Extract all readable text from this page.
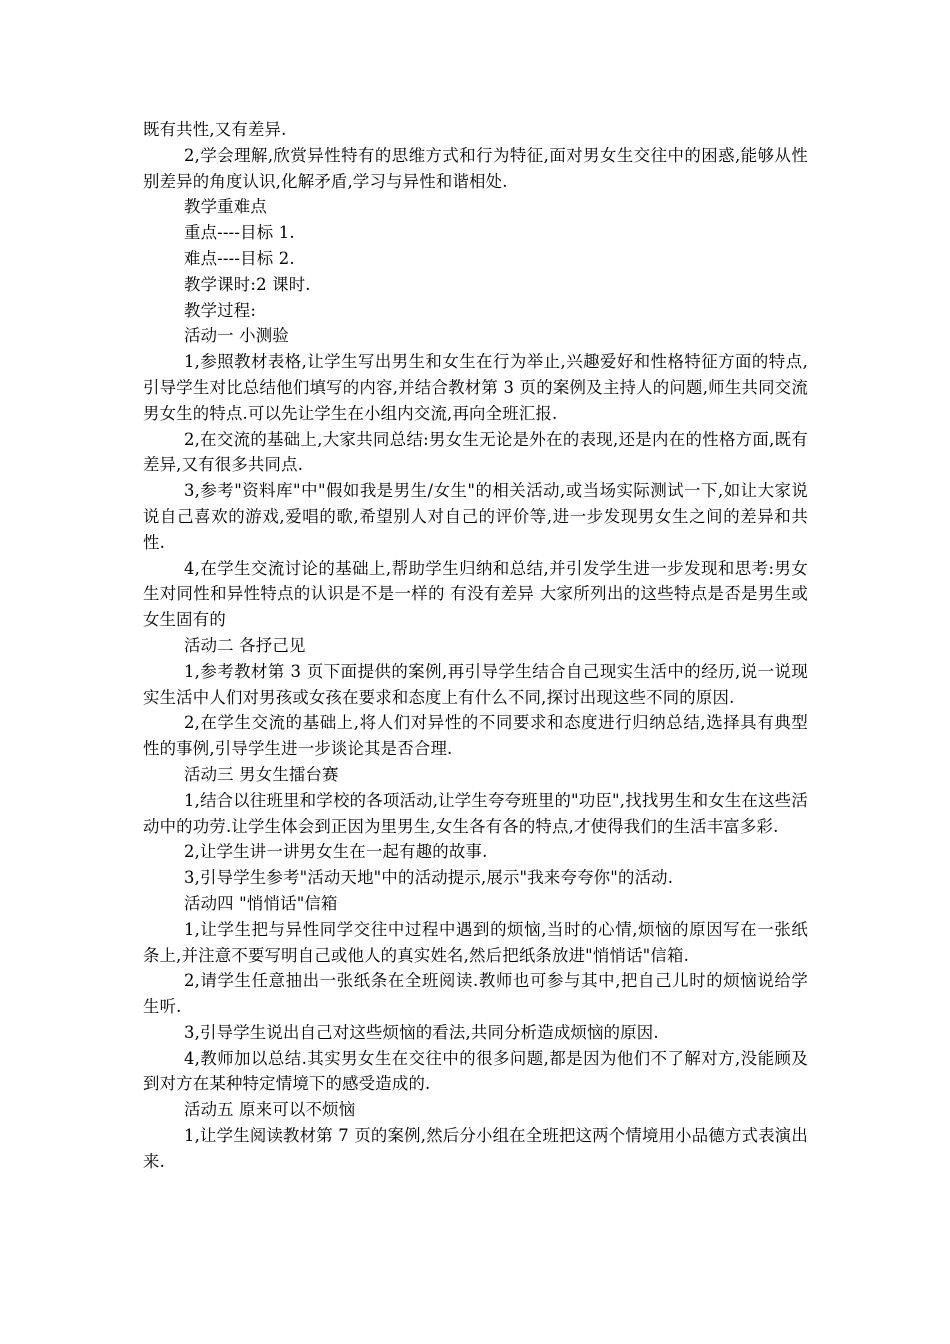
既有共性,又有差异.

2,学会理解,欣赏异性特有的思维方式和行为特征,面对男女生交往中的困惑,能够从性别差异的角度认识,化解矛盾,学习与异性和谐相处.

教学重难点

重点----目标 1.

难点----目标 2.

教学课时:2 课时.

教学过程:

活动一 小测验

1,参照教材表格,让学生写出男生和女生在行为举止,兴趣爱好和性格特征方面的特点,引导学生对比总结他们填写的内容,并结合教材第 3 页的案例及主持人的问题,师生共同交流男女生的特点.可以先让学生在小组内交流,再向全班汇报.

2,在交流的基础上,大家共同总结:男女生无论是外在的表现,还是内在的性格方面,既有差异,又有很多共同点.

3,参考"资料库"中"假如我是男生/女生"的相关活动,或当场实际测试一下,如让大家说说自己喜欢的游戏,爱唱的歌,希望别人对自己的评价等,进一步发现男女生之间的差异和共性.

4,在学生交流讨论的基础上,帮助学生归纳和总结,并引发学生进一步发现和思考:男女生对同性和异性特点的认识是不是一样的 有没有差异 大家所列出的这些特点是否是男生或女生固有的

活动二 各抒己见

1,参考教材第 3 页下面提供的案例,再引导学生结合自己现实生活中的经历,说一说现实生活中人们对男孩或女孩在要求和态度上有什么不同,探讨出现这些不同的原因.

2,在学生交流的基础上,将人们对异性的不同要求和态度进行归纳总结,选择具有典型性的事例,引导学生进一步谈论其是否合理.

活动三 男女生擂台赛

1,结合以往班里和学校的各项活动,让学生夸夸班里的"功臣",找找男生和女生在这些活动中的功劳.让学生体会到正因为里男生,女生各有各的特点,才使得我们的生活丰富多彩.

2,让学生讲一讲男女生在一起有趣的故事.

3,引导学生参考"活动天地"中的活动提示,展示"我来夸夸你"的活动.

活动四 "悄悄话"信箱

1,让学生把与异性同学交往中过程中遇到的烦恼,当时的心情,烦恼的原因写在一张纸条上,并注意不要写明自己或他人的真实姓名,然后把纸条放进"悄悄话"信箱.

2,请学生任意抽出一张纸条在全班阅读.教师也可参与其中,把自己儿时的烦恼说给学生听.

3,引导学生说出自己对这些烦恼的看法,共同分析造成烦恼的原因.

4,教师加以总结.其实男女生在交往中的很多问题,都是因为他们不了解对方,没能顾及到对方在某种特定情境下的感受造成的.

活动五 原来可以不烦恼

1,让学生阅读教材第 7 页的案例,然后分小组在全班把这两个情境用小品德方式表演出来.
